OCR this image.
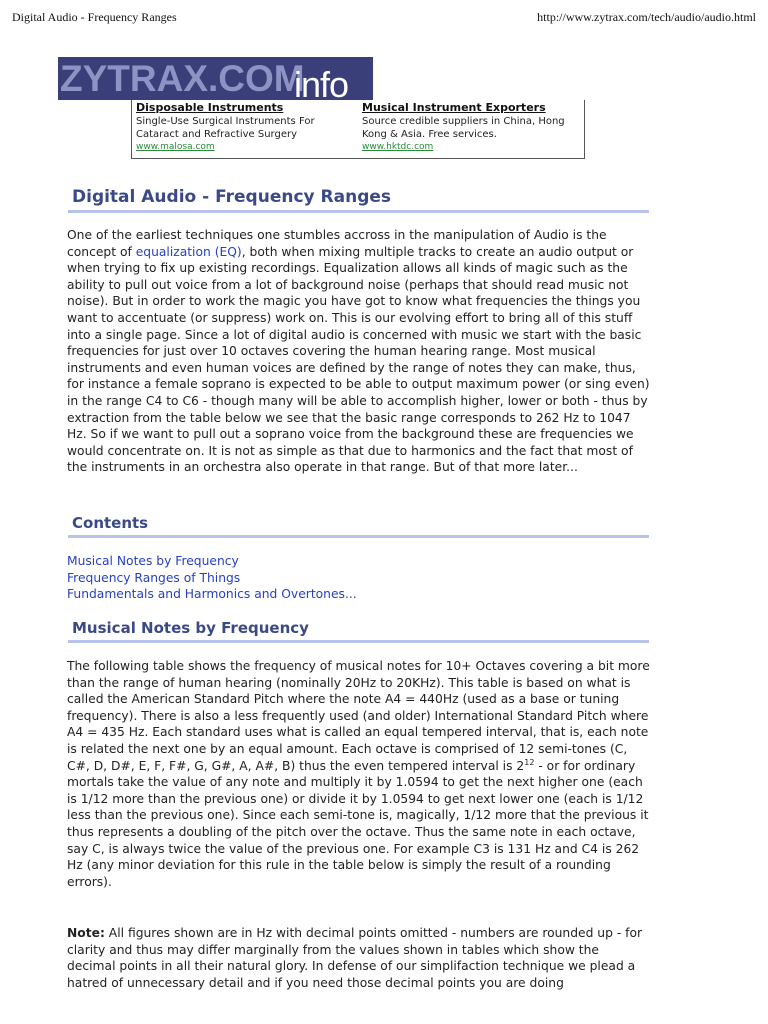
Digital Audio - Frequency Ranges	http://www.zytrax.com/tech/audio/audio.html
ZYTRAX.COM
info
Disposable Instruments
Single-Use Surgical Instruments For Cataract and Refractive Surgery
www.malosa.com
Musical Instrument Exporters
Source credible suppliers in China, Hong Kong & Asia. Free services.
www.hktdc.com
Digital Audio - Frequency Ranges
One of the earliest techniques one stumbles accross in the manipulation of Audio is the concept of equalization (EQ), both when mixing multiple tracks to create an audio output or when trying to fix up existing recordings. Equalization allows all kinds of magic such as the ability to pull out voice from a lot of background noise (perhaps that should read music not noise). But in order to work the magic you have got to know what frequencies the things you want to accentuate (or suppress) work on. This is our evolving effort to bring all of this stuff into a single page. Since a lot of digital audio is concerned with music we start with the basic frequencies for just over 10 octaves covering the human hearing range. Most musical instruments and even human voices are defined by the range of notes they can make, thus, for instance a female soprano is expected to be able to output maximum power (or sing even) in the range C4 to C6 - though many will be able to accomplish higher, lower or both - thus by extraction from the table below we see that the basic range corresponds to 262 Hz to 1047 Hz. So if we want to pull out a soprano voice from the background these are frequencies we would concentrate on. It is not as simple as that due to harmonics and the fact that most of the instruments in an orchestra also operate in that range. But of that more later...
Contents
Musical Notes by Frequency
Frequency Ranges of Things
Fundamentals and Harmonics and Overtones...
Musical Notes by Frequency
The following table shows the frequency of musical notes for 10+ Octaves covering a bit more than the range of human hearing (nominally 20Hz to 20KHz). This table is based on what is called the American Standard Pitch where the note A4 = 440Hz (used as a base or tuning frequency). There is also a less frequently used (and older) International Standard Pitch where A4 = 435 Hz. Each standard uses what is called an equal tempered interval, that is, each note is related the next one by an equal amount. Each octave is comprised of 12 semi-tones (C, C#, D, D#, E, F, F#, G, G#, A, A#, B) thus the even tempered interval is $2^{12}$ - or for ordinary mortals take the value of any note and multiply it by 1.0594 to get the next higher one (each is 1/12 more than the previous one) or divide it by 1.0594 to get next lower one (each is 1/12 less than the previous one). Since each semi-tone is, magically, 1/12 more that the previous it thus represents a doubling of the pitch over the octave. Thus the same note in each octave, say C, is always twice the value of the previous one. For example C3 is 131 Hz and C4 is 262 Hz (any minor deviation for this rule in the table below is simply the result of a rounding errors).
Note: All figures shown are in Hz with decimal points omitted - numbers are rounded up - for clarity and thus may differ marginally from the values shown in tables which show the decimal points in all their natural glory. In defense of our simplifaction technique we plead a hatred of unnecessary detail and if you need those decimal points you are doing
